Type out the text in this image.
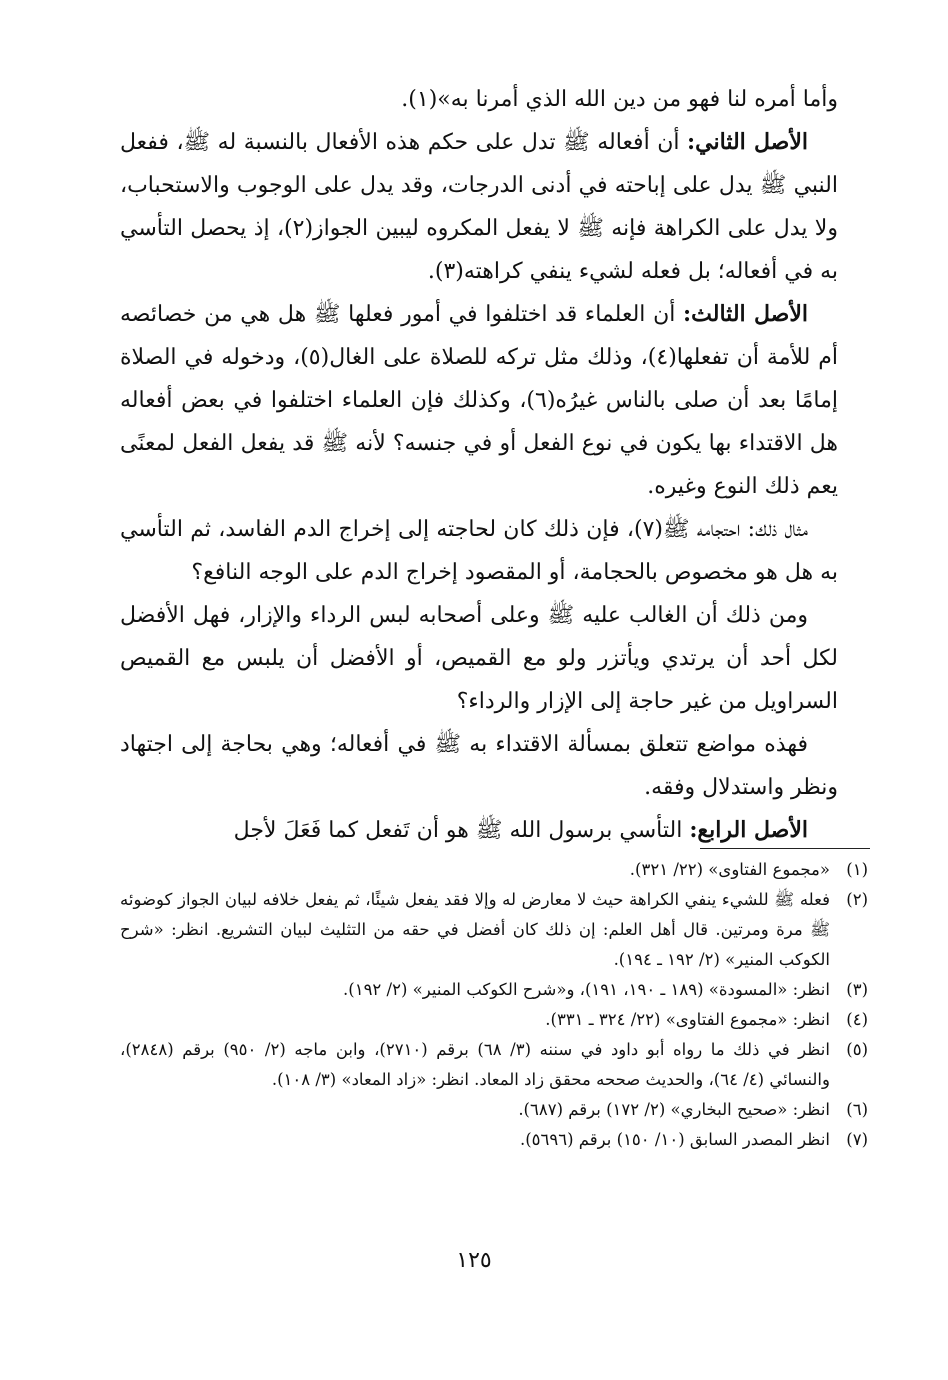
وأما أمره لنا فهو من دين الله الذي أمرنا به»(١).

الأصل الثاني: أن أفعاله ﷺ تدل على حكم هذه الأفعال بالنسبة له ﷺ، ففعل النبي ﷺ يدل على إباحته في أدنى الدرجات، وقد يدل على الوجوب والاستحباب، ولا يدل على الكراهة فإنه ﷺ لا يفعل المكروه ليبين الجواز(٢)، إذ يحصل التأسي به في أفعاله؛ بل فعله لشيء ينفي كراهته(٣).

الأصل الثالث: أن العلماء قد اختلفوا في أمور فعلها ﷺ هل هي من خصائصه أم للأمة أن تفعلها(٤)، وذلك مثل تركه للصلاة على الغال(٥)، ودخوله في الصلاة إمامًا بعد أن صلى بالناس غيرُه(٦)، وكذلك فإن العلماء اختلفوا في بعض أفعاله هل الاقتداء بها يكون في نوع الفعل أو في جنسه؟ لأنه ﷺ قد يفعل الفعل لمعنًى يعم ذلك النوع وغيره.

مثال ذلك: احتجامه ﷺ(٧)، فإن ذلك كان لحاجته إلى إخراج الدم الفاسد، ثم التأسي به هل هو مخصوص بالحجامة، أو المقصود إخراج الدم على الوجه النافع؟

ومن ذلك أن الغالب عليه ﷺ وعلى أصحابه لبس الرداء والإزار، فهل الأفضل لكل أحد أن يرتدي ويأتزر ولو مع القميص، أو الأفضل أن يلبس مع القميص السراويل من غير حاجة إلى الإزار والرداء؟

فهذه مواضع تتعلق بمسألة الاقتداء به ﷺ في أفعاله؛ وهي بحاجة إلى اجتهاد ونظر واستدلال وفقه.

الأصل الرابع: التأسي برسول الله ﷺ هو أن تَفعل كما فَعَلَ لأجل

(١)
«مجموع الفتاوى» (٢٢/ ٣٢١).
(٢)
فعله ﷺ للشيء ينفي الكراهة حيث لا معارض له وإلا فقد يفعل شيئًا، ثم يفعل خلافه لبيان الجواز كوضوئه ﷺ مرة ومرتين. قال أهل العلم: إن ذلك كان أفضل في حقه من التثليث لبيان التشريع. انظر: «شرح الكوكب المنير» (٢/ ١٩٢ ـ ١٩٤).
(٣)
انظر: «المسودة» (١٨٩ ـ ١٩٠، ١٩١)، و«شرح الكوكب المنير» (٢/ ١٩٢).
(٤)
انظر: «مجموع الفتاوى» (٢٢/ ٣٢٤ ـ ٣٣١).
(٥)
انظر في ذلك ما رواه أبو داود في سننه (٣/ ٦٨) برقم (٢٧١٠)، وابن ماجه (٢/ ٩٥٠) برقم (٢٨٤٨)، والنسائي (٤/ ٦٤)، والحديث صححه محقق زاد المعاد. انظر: «زاد المعاد» (٣/ ١٠٨).
(٦)
انظر: «صحيح البخاري» (٢/ ١٧٢) برقم (٦٨٧).
(٧)
انظر المصدر السابق (١٠/ ١٥٠) برقم (٥٦٩٦).
١٢٥
